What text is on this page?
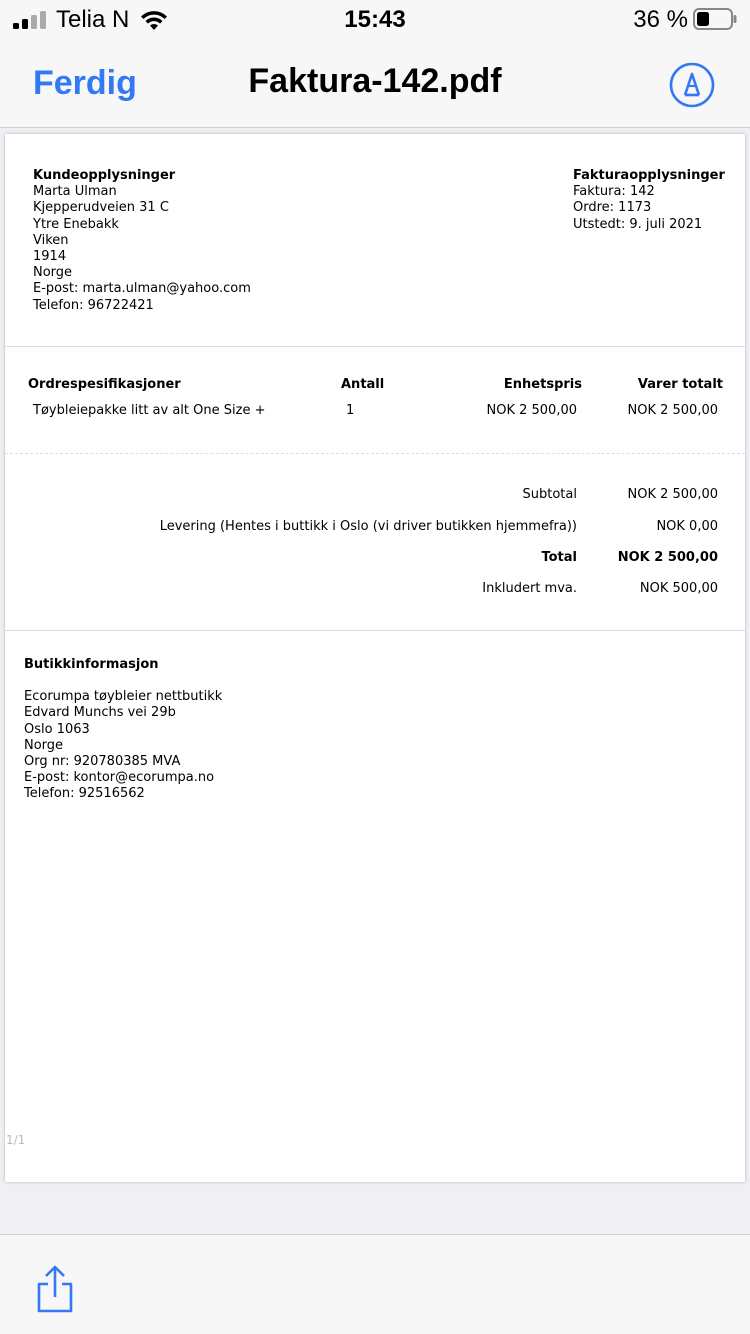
Telia N	15:43	36 %
Ferdig	Faktura-142.pdf
Kundeopplysninger
Marta Ulman
Kjepperudveien 31 C
Ytre Enebakk
Viken
1914
Norge
E-post: marta.ulman@yahoo.com
Telefon: 96722421
Fakturaopplysninger
Faktura: 142
Ordre: 1173
Utstedt: 9. juli 2021
Ordrespesifikasjoner	Antall	Enhetspris	Varer totalt
Tøybleiepakke litt av alt One Size +	1	NOK 2 500,00	NOK 2 500,00
Subtotal	NOK 2 500,00
Levering (Hentes i buttikk i Oslo (vi driver butikken hjemmefra))	NOK 0,00
Total	NOK 2 500,00
Inkludert mva.	NOK 500,00
Butikkinformasjon
Ecorumpa tøybleier nettbutikk
Edvard Munchs vei 29b
Oslo 1063
Norge
Org nr: 920780385 MVA
E-post: kontor@ecorumpa.no
Telefon: 92516562
1/1
